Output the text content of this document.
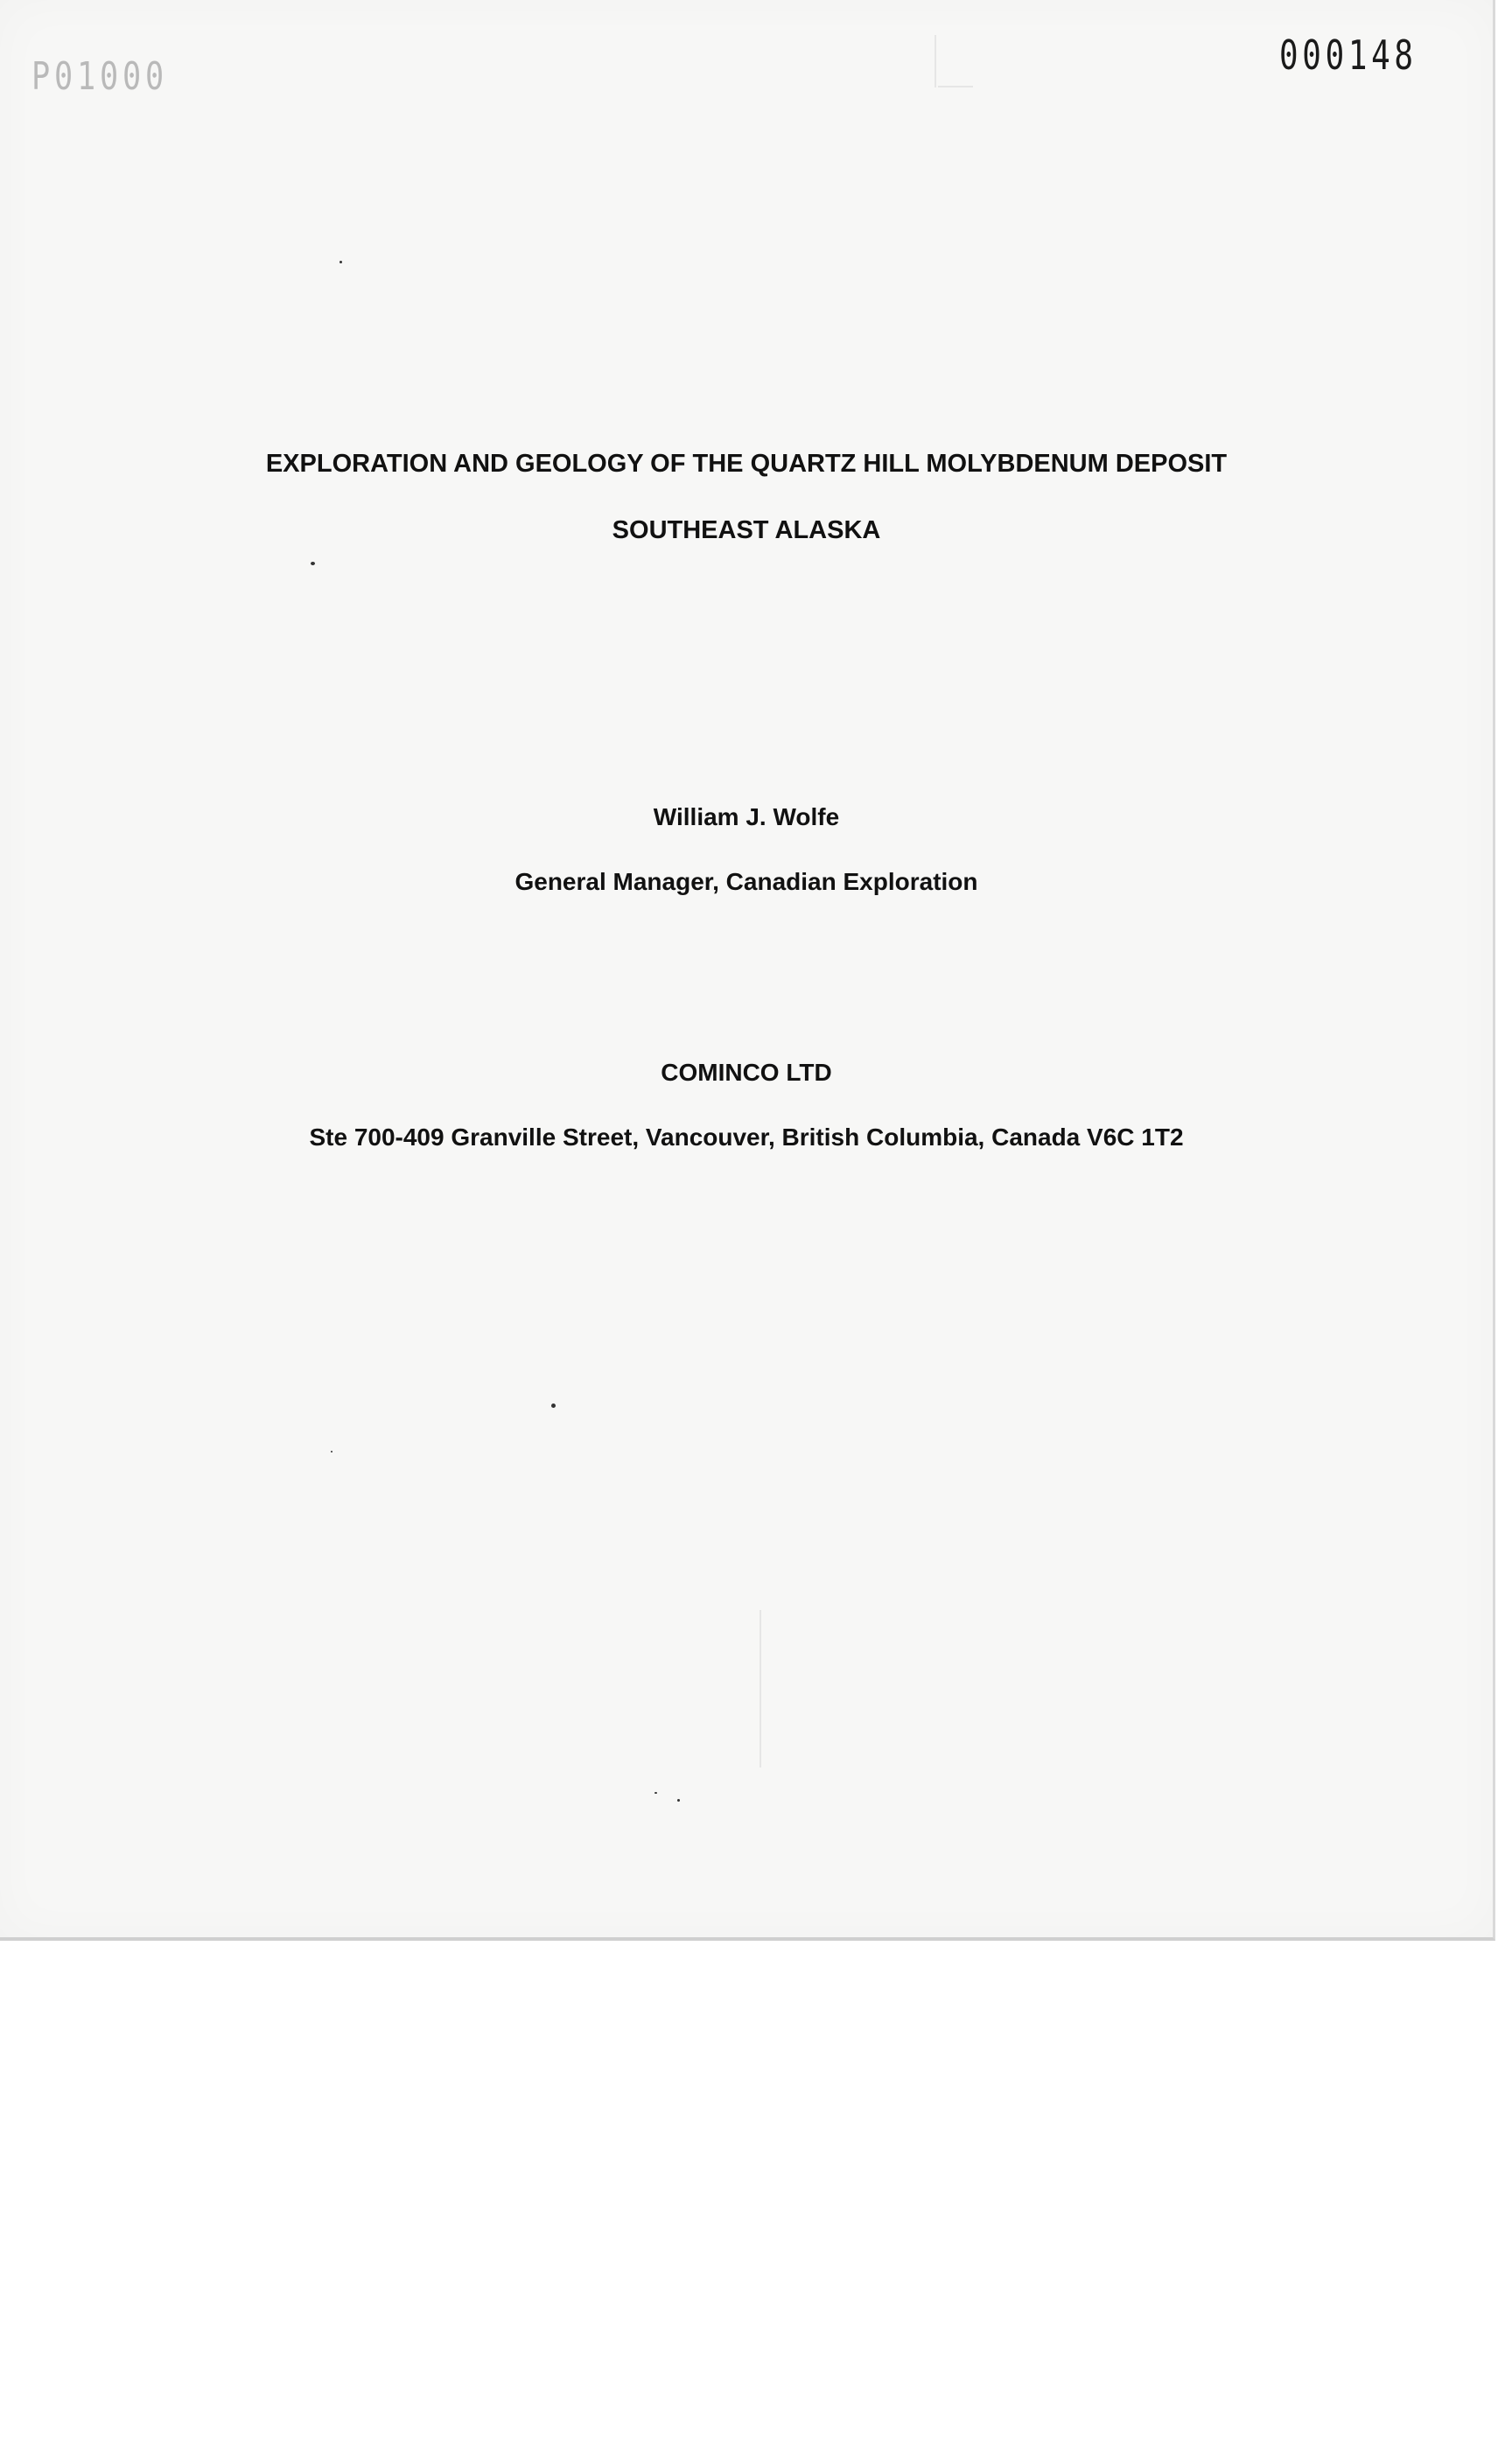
P01000	000148
EXPLORATION AND GEOLOGY OF THE QUARTZ HILL MOLYBDENUM DEPOSIT
SOUTHEAST ALASKA
William J. Wolfe
General Manager, Canadian Exploration
COMINCO LTD
Ste 700-409 Granville Street, Vancouver, British Columbia, Canada V6C 1T2
